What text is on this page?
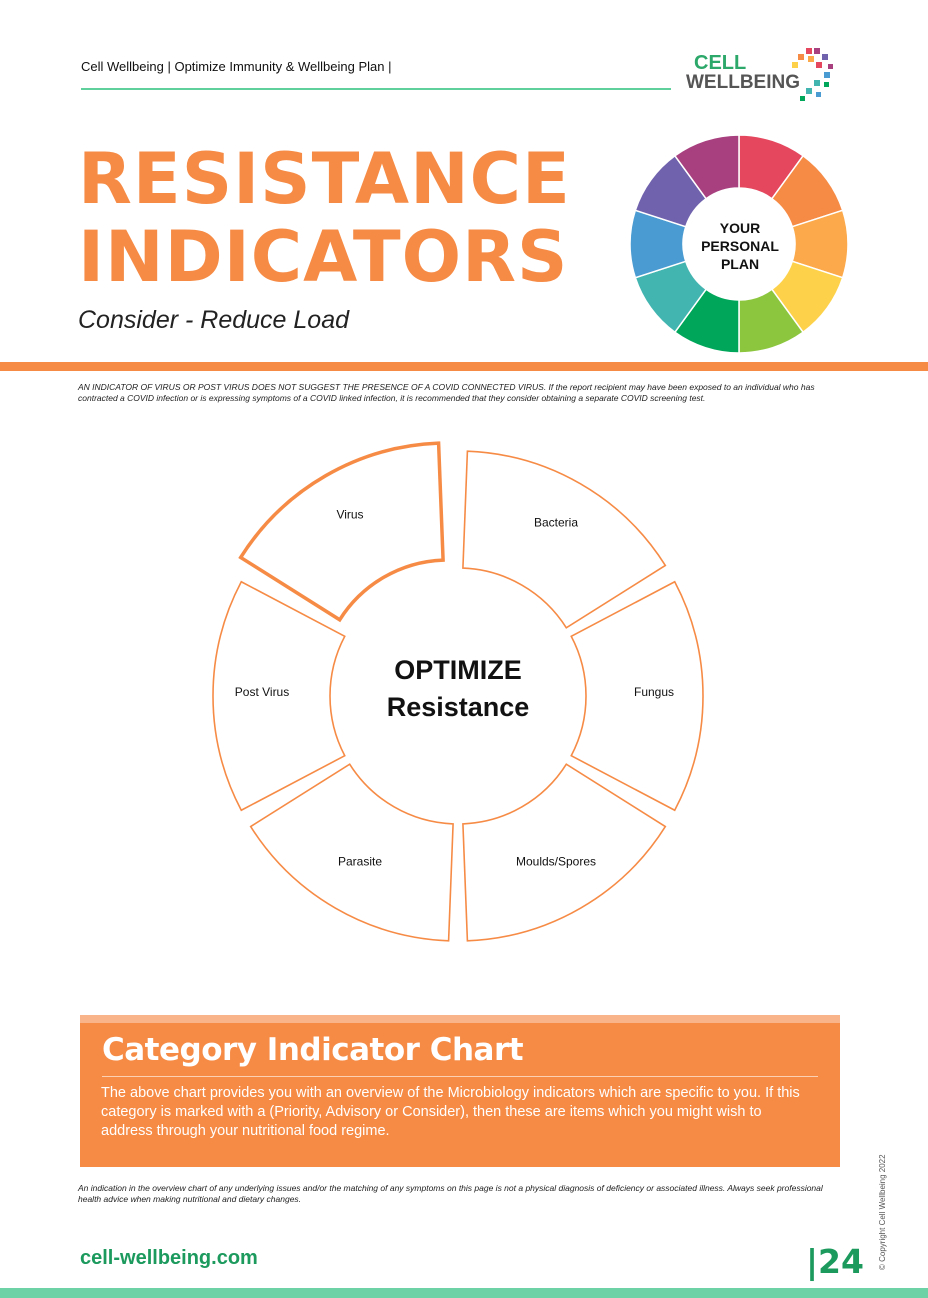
Cell Wellbeing | Optimize Immunity & Wellbeing Plan |	CELL
WELLBEING
RESISTANCE
INDICATORS
Consider - Reduce Load
YOUR
PERSONAL
PLAN
AN INDICATOR OF VIRUS OR POST VIRUS DOES NOT SUGGEST THE PRESENCE OF A COVID CONNECTED VIRUS. If the report recipient may have been exposed to an individual who has contracted a COVID infection or is expressing symptoms of a COVID linked infection, it is recommended that they consider obtaining a separate COVID screening test.
Bacteria
Fungus
Moulds/Spores
Parasite
Post Virus
Virus
OPTIMIZE
Resistance
Category Indicator Chart
The above chart provides you with an overview of the Microbiology indicators which are specific to you. If this category is marked with a (Priority, Advisory or Consider), then these are items which you might wish to address through your nutritional food regime.
An indication in the overview chart of any underlying issues and/or the matching of any symptoms on this page is not a physical diagnosis of deficiency or associated illness. Always seek professional health advice when making nutritional and dietary changes.	© Copyright Cell Wellbeing 2022
cell-wellbeing.com	|24
